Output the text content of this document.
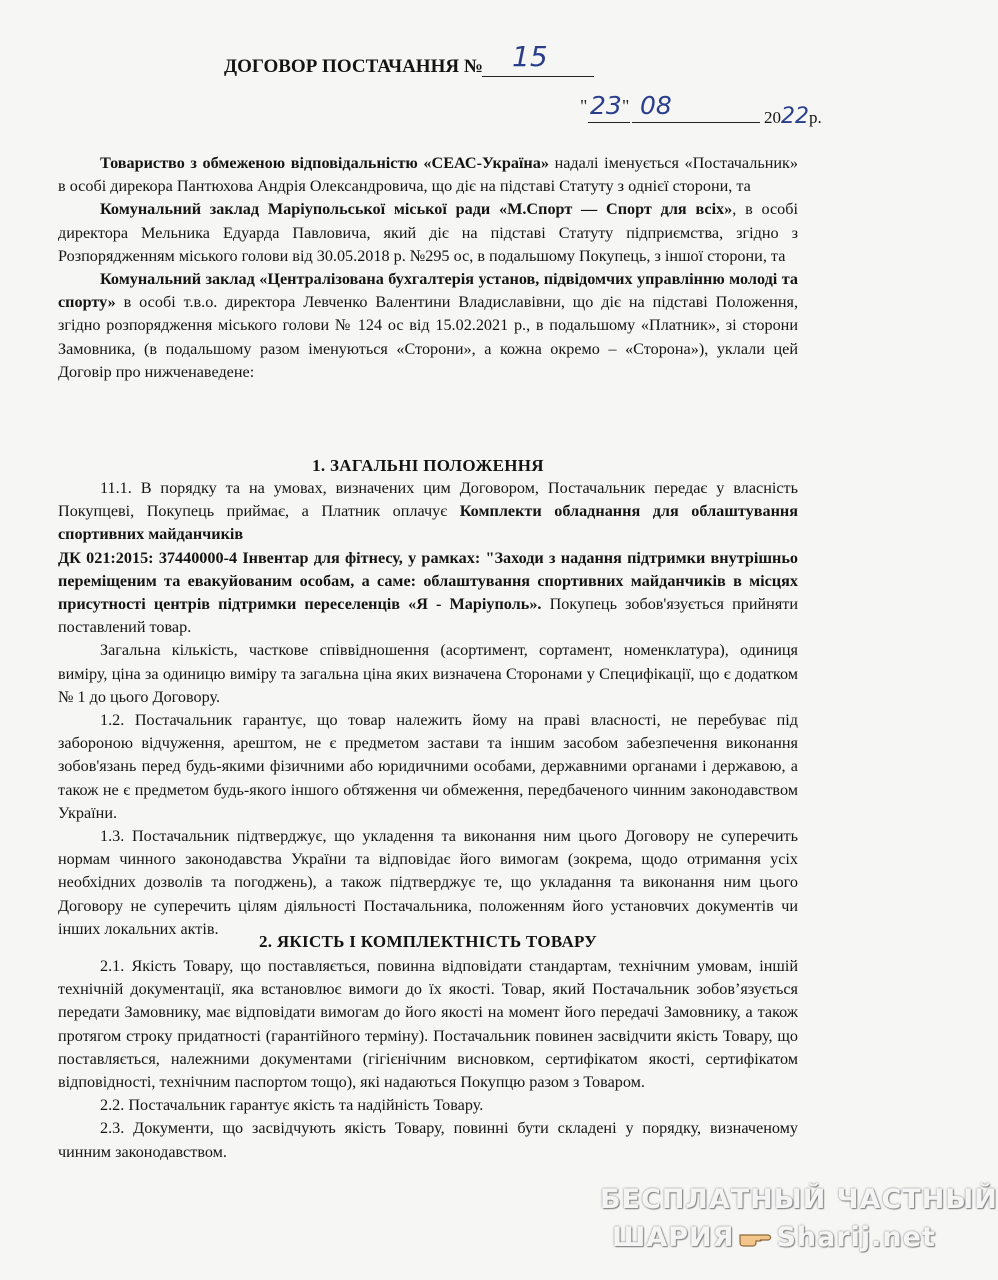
ДОГОВОР ПОСТАЧАННЯ № 15
" 23 " 08	2022р.

Товариство з обмеженою відповідальністю «СЕАС-Україна» надалі іменується «Постачальник» в особі дирекора Пантюхова Андрія Олександровича, що діє на підставі Статуту з однієї сторони, та

Комунальний заклад Маріупольської міської ради «М.Спорт — Спорт для всіх», в особі директора Мельника Едуарда Павловича, який діє на підставі Статуту підприємства, згідно з Розпорядженням міського голови від 30.05.2018 р. №295 ос, в подальшому Покупець, з іншої сторони, та

Комунальний заклад «Централізована бухгалтерія установ, підвідомчих управлінню молоді та спорту» в особі т.в.о. директора Левченко Валентини Владиславівни, що діє на підставі Положення, згідно розпорядження міського голови № 124 ос від 15.02.2021 р., в подальшому «Платник», зі сторони Замовника, (в подальшому разом іменуються «Сторони», а кожна окремо – «Сторона»), уклали цей Договір про нижченаведене:

1. ЗАГАЛЬНІ ПОЛОЖЕННЯ

11.1. В порядку та на умовах, визначених цим Договором, Постачальник передає у власність Покупцеві, Покупець приймає, а Платник оплачує Комплекти обладнання для облаштування спортивних майданчиків

ДК 021:2015: 37440000-4 Інвентар для фітнесу, у рамках: "Заходи з надання підтримки внутрішньо переміщеним та евакуйованим особам, а саме: облаштування спортивних майданчиків в місцях присутності центрів підтримки переселенців «Я - Маріуполь». Покупець зобов'язується прийняти поставлений товар.

Загальна кількість, часткове співвідношення (асортимент, сортамент, номенклатура), одиниця виміру, ціна за одиницю виміру та загальна ціна яких визначена Сторонами у Специфікації, що є додатком № 1 до цього Договору.

1.2. Постачальник гарантує, що товар належить йому на праві власності, не перебуває під забороною відчуження, арештом, не є предметом застави та іншим засобом забезпечення виконання зобов'язань перед будь-якими фізичними або юридичними особами, державними органами і державою, а також не є предметом будь-якого іншого обтяження чи обмеження, передбаченого чинним законодавством України.

1.3. Постачальник підтверджує, що укладення та виконання ним цього Договору не суперечить нормам чинного законодавства України та відповідає його вимогам (зокрема, щодо отримання усіх необхідних дозволів та погоджень), а також підтверджує те, що укладання та виконання ним цього Договору не суперечить цілям діяльності Постачальника, положенням його установчих документів чи інших локальних актів.

2. ЯКІСТЬ І КОМПЛЕКТНІСТЬ ТОВАРУ

2.1. Якість Товару, що поставляється, повинна відповідати стандартам, технічним умовам, іншій технічній документації, яка встановлює вимоги до їх якості. Товар, який Постачальник зобов’язується передати Замовнику, має відповідати вимогам до його якості на момент його передачі Замовнику, а також протягом строку придатності (гарантійного терміну). Постачальник повинен засвідчити якість Товару, що поставляється, належними документами (гігієнічним висновком, сертифікатом якості, сертифікатом відповідності, технічним паспортом тощо), які надаються Покупцю разом з Товаром.

2.2. Постачальник гарантує якість та надійність Товару.

2.3. Документи, що засвідчують якість Товару, повинні бути складені у порядку, визначеному чинним законодавством.

БЕСПЛАТНЫЙ ЧАСТНЫЙ
ШАРИЯ Sharij.net
